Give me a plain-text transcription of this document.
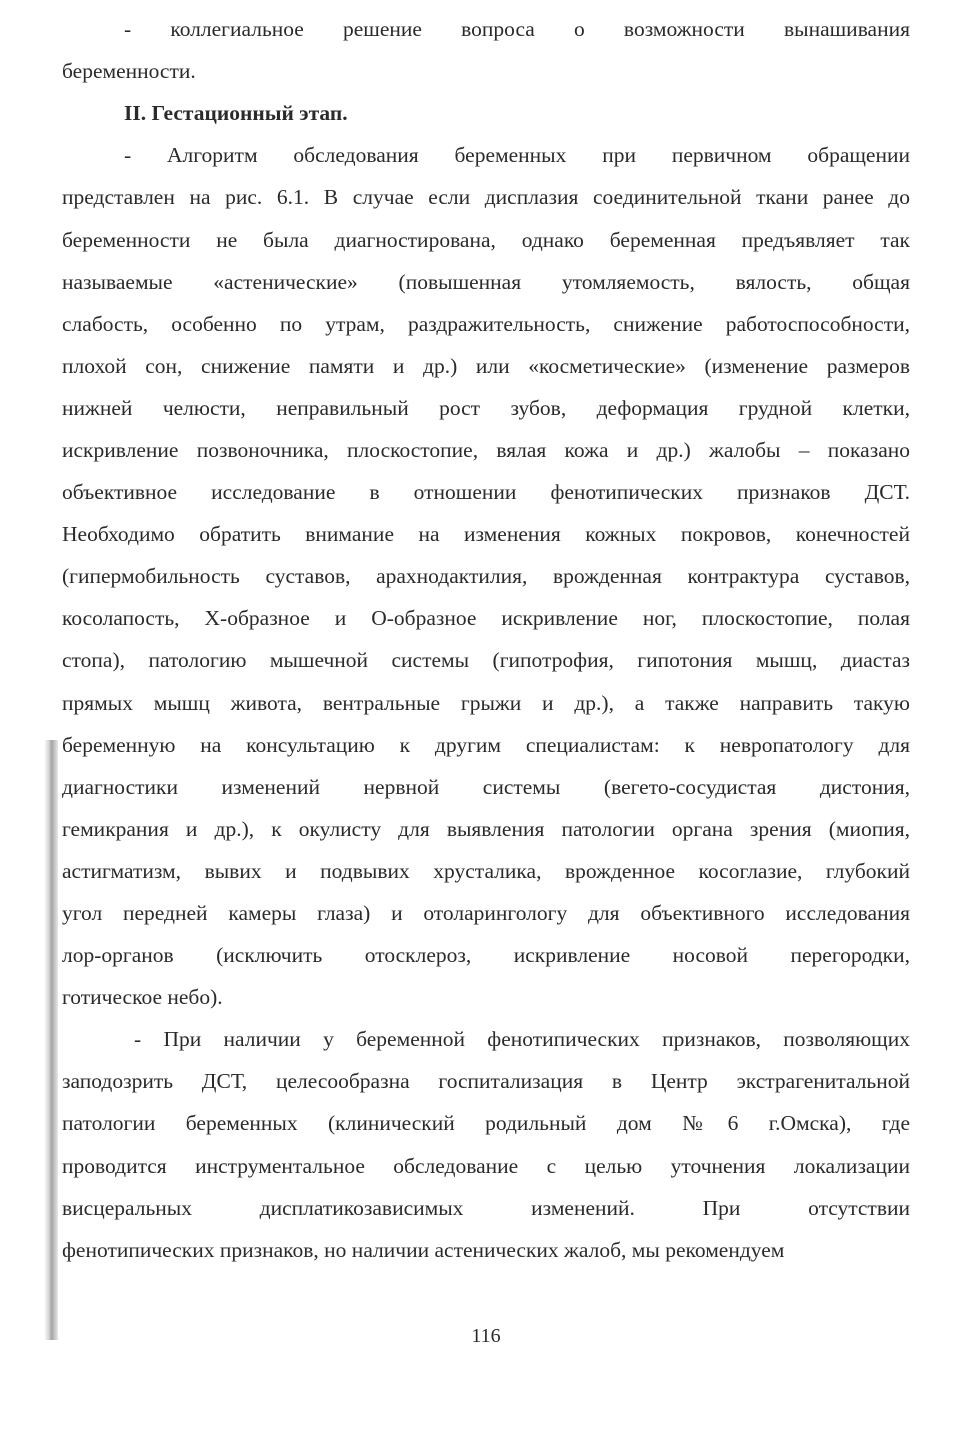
- коллегиальное решение вопроса о возможности вынашивания
беременности.
II. Гестационный этап.
- Алгоритм обследования беременных при первичном обращении
представлен на рис. 6.1. В случае если дисплазия соединительной ткани ранее до
беременности не была диагностирована, однако беременная предъявляет так
называемые «астенические» (повышенная утомляемость, вялость, общая
слабость, особенно по утрам, раздражительность, снижение работоспособности,
плохой сон, снижение памяти и др.) или «косметические» (изменение размеров
нижней челюсти, неправильный рост зубов, деформация грудной клетки,
искривление позвоночника, плоскостопие, вялая кожа и др.) жалобы – показано
объективное исследование в отношении фенотипических признаков ДСТ.
Необходимо обратить внимание на изменения кожных покровов, конечностей
(гипермобильность суставов, арахнодактилия, врожденная контрактура суставов,
косолапость, Х-образное и О-образное искривление ног, плоскостопие, полая
стопа), патологию мышечной системы (гипотрофия, гипотония мышц, диастаз
прямых мышц живота, вентральные грыжи и др.), а также направить такую
беременную на консультацию к другим специалистам: к невропатологу для
диагностики изменений нервной системы (вегето-сосудистая дистония,
гемикрания и др.), к окулисту для выявления патологии органа зрения (миопия,
астигматизм, вывих и подвывих хрусталика, врожденное косоглазие, глубокий
угол передней камеры глаза) и отоларингологу для объективного исследования
лор-органов (исключить отосклероз, искривление носовой перегородки,
готическое небо).
- При наличии у беременной фенотипических признаков, позволяющих
заподозрить ДСТ, целесообразна госпитализация в Центр экстрагенитальной
патологии беременных (клинический родильный дом №6 г.Омска), где
проводится инструментальное обследование с целью уточнения локализации
висцеральных дисплатикозависимых изменений. При отсутствии
фенотипических признаков, но наличии астенических жалоб, мы рекомендуем
116
